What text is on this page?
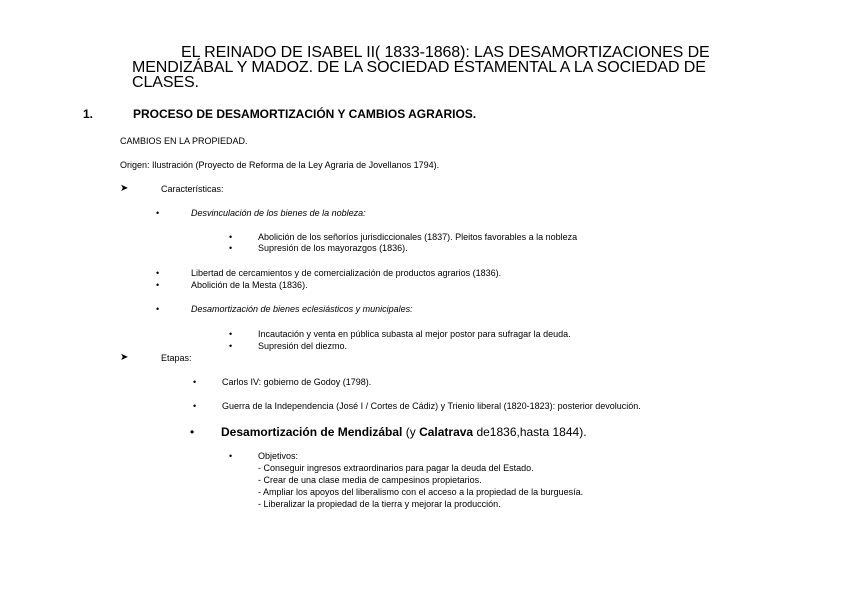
EL REINADO DE ISABEL II( 1833-1868): LAS DESAMORTIZACIONES DE
MENDIZÁBAL Y MADOZ. DE LA SOCIEDAD ESTAMENTAL A LA SOCIEDAD DE
CLASES.
1.	PROCESO DE DESAMORTIZACIÓN Y CAMBIOS AGRARIOS.
CAMBIOS EN LA PROPIEDAD.
Origen: Ilustración (Proyecto de Reforma de la Ley Agraria de Jovellanos 1794).
➤	Características:
•	Desvinculación de los bienes de la nobleza:
•	Abolición de los señoríos jurisdiccionales (1837). Pleitos favorables a la nobleza
•	Supresión de los mayorazgos (1836).
•	Libertad de cercamientos y de comercialización de productos agrarios (1836).
•	Abolición de la Mesta (1836).
•	Desamortización de bienes eclesiásticos y municipales:
•	Incautación y venta en pública subasta al mejor postor para sufragar la deuda.
•	Supresión del diezmo.
➤	Etapas:
•	Carlos IV: gobierno de Godoy (1798).
•	Guerra de la Independencia (José I / Cortes de Cádiz) y Trienio liberal (1820-1823): posterior devolución.
• Desamortización de Mendizábal (y Calatrava de1836,hasta 1844).
•	Objetivos:
- Conseguir ingresos extraordinarios para pagar la deuda del Estado.
- Crear de una clase media de campesinos propietarios.
- Ampliar los apoyos del liberalismo con el acceso a la propiedad de la burguesía.
- Liberalizar la propiedad de la tierra y mejorar la producción.
